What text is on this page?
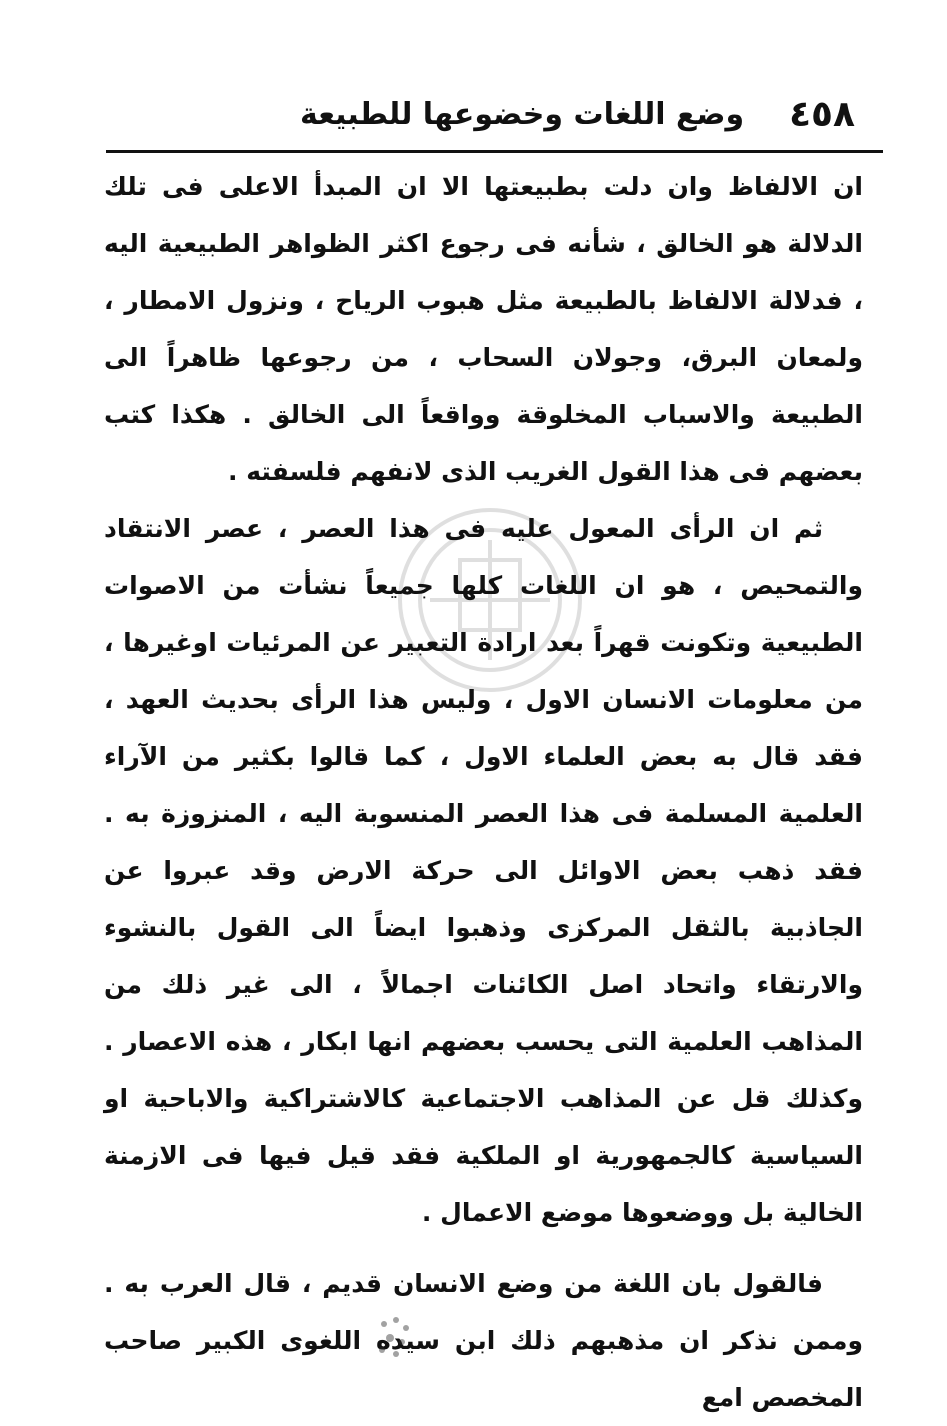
٤٥٨
وضع اللغات وخضوعها للطبيعة

ان الالفاظ وان دلت بطبيعتها الا ان المبدأ الاعلى فى تلك الدلالة هو الخالق ، شأنه فى رجوع اكثر الظواهر الطبيعية اليه ، فدلالة الالفاظ بالطبيعة مثل هبوب الرياح ، ونزول الامطار ، ولمعان البرق، وجولان السحاب ، من رجوعها ظاهراً الى الطبيعة والاسباب المخلوقة وواقعاً الى الخالق . هكذا كتب بعضهم فى هذا القول الغريب الذى لانفهم فلسفته .

ثم ان الرأى المعول عليه فى هذا العصر ، عصر الانتقاد والتمحيص ، هو ان اللغات كلها جميعاً نشأت من الاصوات الطبيعية وتكونت قهراً بعد ارادة التعبير عن المرئيات اوغيرها ، من معلومات الانسان الاول ، وليس هذا الرأى بحديث العهد ، فقد قال به بعض العلماء الاول ، كما قالوا بكثير من الآراء العلمية المسلمة فى هذا العصر المنسوبة اليه ، المنزوزة به . فقد ذهب بعض الاوائل الى حركة الارض وقد عبروا عن الجاذبية بالثقل المركزى وذهبوا ايضاً الى القول بالنشوء والارتقاء واتحاد اصل الكائنات اجمالاً ، الى غير ذلك من المذاهب العلمية التى يحسب بعضهم انها ابكار ، هذه الاعصار . وكذلك قل عن المذاهب الاجتماعية كالاشتراكية والاباحية او السياسية كالجمهورية او الملكية فقد قيل فيها فى الازمنة الخالية بل ووضعوها موضع الاعمال .

فالقول بان اللغة من وضع الانسان قديم ، قال العرب به . وممن نذكر ان مذهبهم ذلك ابن سيده اللغوى الكبير صاحب المخصص امع
